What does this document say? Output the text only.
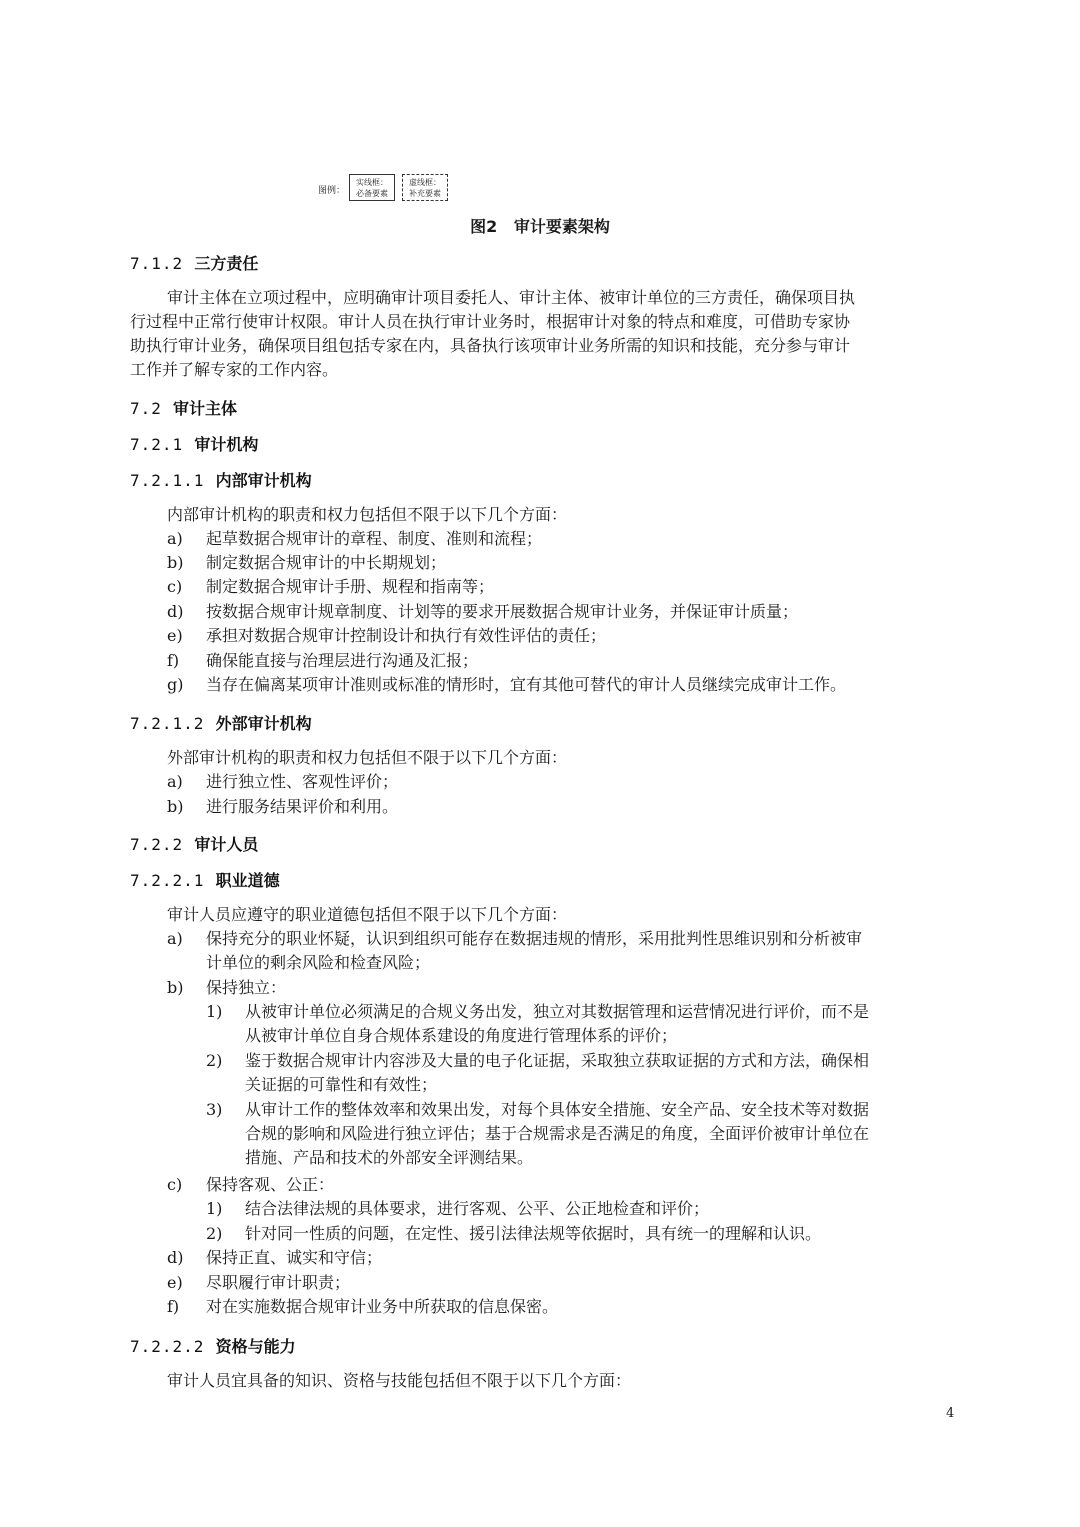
图例：
实线框：
必备要素
虚线框：
补充要素
图2   审计要素架构
7.1.2 三方责任
审计主体在立项过程中，应明确审计项目委托人、审计主体、被审计单位的三方责任，确保项目执
行过程中正常行使审计权限。审计人员在执行审计业务时，根据审计对象的特点和难度，可借助专家协
助执行审计业务，确保项目组包括专家在内，具备执行该项审计业务所需的知识和技能，充分参与审计
工作并了解专家的工作内容。
7.2 审计主体
7.2.1 审计机构
7.2.1.1 内部审计机构
内部审计机构的职责和权力包括但不限于以下几个方面：
a) 起草数据合规审计的章程、制度、准则和流程；
b) 制定数据合规审计的中长期规划；
c) 制定数据合规审计手册、规程和指南等；
d) 按数据合规审计规章制度、计划等的要求开展数据合规审计业务，并保证审计质量；
e) 承担对数据合规审计控制设计和执行有效性评估的责任；
f) 确保能直接与治理层进行沟通及汇报；
g) 当存在偏离某项审计准则或标准的情形时，宜有其他可替代的审计人员继续完成审计工作。
7.2.1.2 外部审计机构
外部审计机构的职责和权力包括但不限于以下几个方面：
a) 进行独立性、客观性评价；
b) 进行服务结果评价和利用。
7.2.2 审计人员
7.2.2.1 职业道德
审计人员应遵守的职业道德包括但不限于以下几个方面：
a) 保持充分的职业怀疑，认识到组织可能存在数据违规的情形，采用批判性思维识别和分析被审
计单位的剩余风险和检查风险；
b) 保持独立：
1) 从被审计单位必须满足的合规义务出发，独立对其数据管理和运营情况进行评价，而不是
从被审计单位自身合规体系建设的角度进行管理体系的评价；
2) 鉴于数据合规审计内容涉及大量的电子化证据，采取独立获取证据的方式和方法，确保相
关证据的可靠性和有效性；
3) 从审计工作的整体效率和效果出发，对每个具体安全措施、安全产品、安全技术等对数据
合规的影响和风险进行独立评估；基于合规需求是否满足的角度，全面评价被审计单位在
措施、产品和技术的外部安全评测结果。
c) 保持客观、公正：
1) 结合法律法规的具体要求，进行客观、公平、公正地检查和评价；
2) 针对同一性质的问题，在定性、援引法律法规等依据时，具有统一的理解和认识。
d) 保持正直、诚实和守信；
e) 尽职履行审计职责；
f) 对在实施数据合规审计业务中所获取的信息保密。
7.2.2.2 资格与能力
审计人员宜具备的知识、资格与技能包括但不限于以下几个方面：
4
